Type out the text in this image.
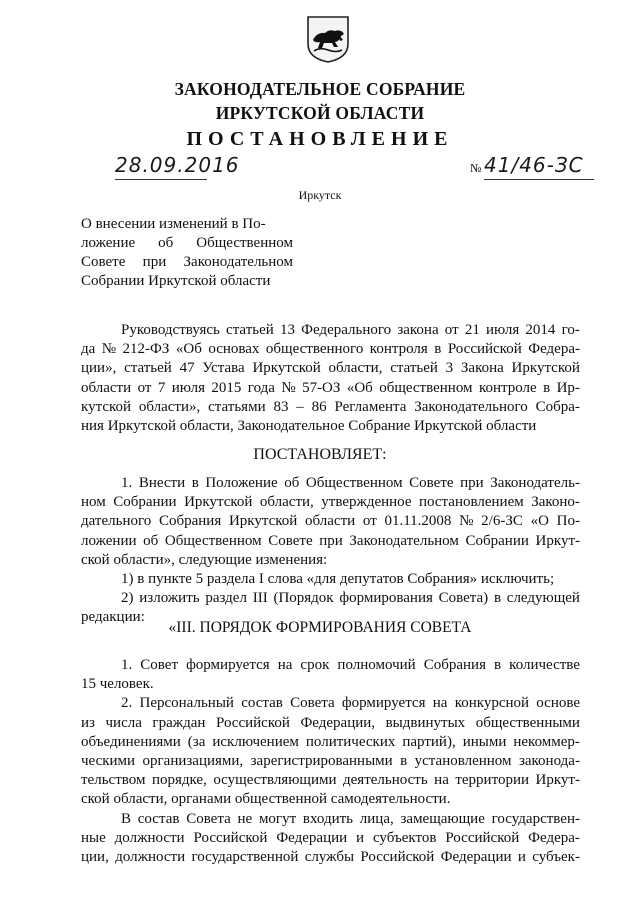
ЗАКОНОДАТЕЛЬНОЕ СОБРАНИЕ
ИРКУТСКОЙ ОБЛАСТИ
ПОСТАНОВЛЕНИЕ
28.09.2016	№ 41/46-ЗС
Иркутск
О внесении изменений в По-
ложение об Общественном
Совете при Законодательном
Собрании Иркутской области
Руководствуясь статьей 13 Федерального закона от 21 июля 2014 го-
да № 212-ФЗ «Об основах общественного контроля в Российской Федера-
ции», статьей 47 Устава Иркутской области, статьей 3 Закона Иркутской
области от 7 июля 2015 года № 57-ОЗ «Об общественном контроле в Ир-
кутской области», статьями 83 – 86 Регламента Законодательного Собра-
ния Иркутской области, Законодательное Собрание Иркутской области
ПОСТАНОВЛЯЕТ:
1. Внести в Положение об Общественном Совете при Законодатель-
ном Собрании Иркутской области, утвержденное постановлением Законо-
дательного Собрания Иркутской области от 01.11.2008 № 2/6-ЗС «О По-
ложении об Общественном Совете при Законодательном Собрании Иркут-
ской области», следующие изменения:
1) в пункте 5 раздела I слова «для депутатов Собрания» исключить;
2) изложить раздел III (Порядок формирования Совета) в следующей
редакции:
«III. ПОРЯДОК ФОРМИРОВАНИЯ СОВЕТА
1. Совет формируется на срок полномочий Собрания в количестве
15 человек.
2. Персональный состав Совета формируется на конкурсной основе
из числа граждан Российской Федерации, выдвинутых общественными
объединениями (за исключением политических партий), иными некоммер-
ческими организациями, зарегистрированными в установленном законода-
тельством порядке, осуществляющими деятельность на территории Иркут-
ской области, органами общественной самодеятельности.
В состав Совета не могут входить лица, замещающие государствен-
ные должности Российской Федерации и субъектов Российской Федера-
ции, должности государственной службы Российской Федерации и субъек-
